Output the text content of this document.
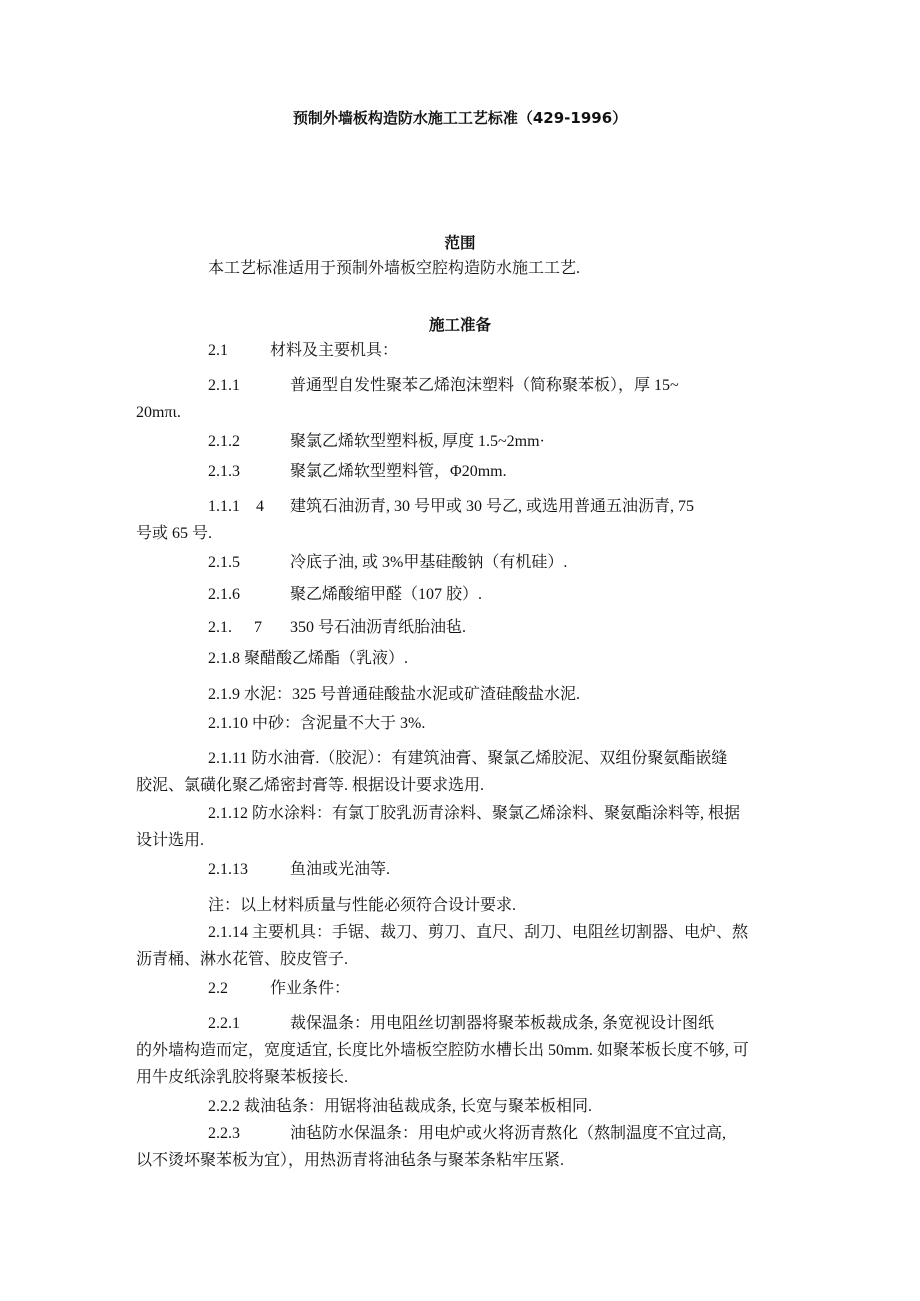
预制外墙板构造防水施工工艺标准（429-1996）
范围
本工艺标准适用于预制外墙板空腔构造防水施工工艺.
施工准备
2.1	材料及主要机具：
2.1.1	普通型自发性聚苯乙烯泡沫塑料（简称聚苯板），厚 15~
20mπι.
2.1.2	聚氯乙烯软型塑料板, 厚度 1.5~2mm·
2.1.3	聚氯乙烯软型塑料管，Φ20mm.
1.1.1 4 建筑石油沥青, 30 号甲或 30 号乙, 或选用普通五油沥青, 75
号或 65 号.
2.1.5	冷底子油, 或 3%甲基硅酸钠（有机硅）.
2.1.6	聚乙烯酸缩甲醛（107 胶）.
2.1. 7 350 号石油沥青纸胎油毡.
2.1.8 聚醋酸乙烯酯（乳液）.
2.1.9 水泥：325 号普通硅酸盐水泥或矿渣硅酸盐水泥.
2.1.10 中砂：含泥量不大于 3%.
2.1.11 防水油膏.（胶泥）：有建筑油膏、聚氯乙烯胶泥、双组份聚氨酯嵌缝
胶泥、氯磺化聚乙烯密封膏等. 根据设计要求选用.
2.1.12 防水涂料：有氯丁胶乳沥青涂料、聚氯乙烯涂料、聚氨酯涂料等, 根据
设计选用.
2.1.13	鱼油或光油等.
注：以上材料质量与性能必须符合设计要求.
2.1.14 主要机具：手锯、裁刀、剪刀、直尺、刮刀、电阻丝切割器、电炉、熬
沥青桶、淋水花管、胶皮管子.
2.2	作业条件：
2.2.1	裁保温条：用电阻丝切割器将聚苯板裁成条, 条宽视设计图纸
的外墙构造而定，宽度适宜, 长度比外墙板空腔防水槽长出 50mm. 如聚苯板长度不够, 可
用牛皮纸涂乳胶将聚苯板接长.
2.2.2 裁油毡条：用锯将油毡裁成条, 长宽与聚苯板相同.
2.2.3	油毡防水保温条：用电炉或火将沥青熬化（熬制温度不宜过高,
以不烫坏聚苯板为宜），用热沥青将油毡条与聚苯条粘牢压紧.
